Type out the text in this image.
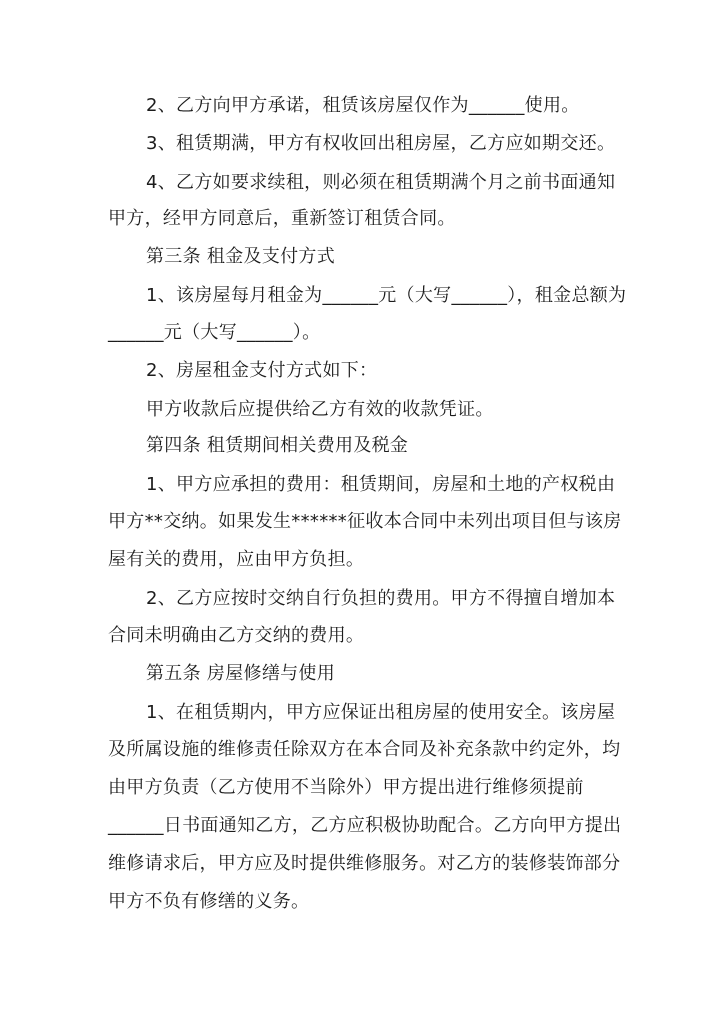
2、乙方向甲方承诺，租赁该房屋仅作为______使用。
3、租赁期满，甲方有权收回出租房屋，乙方应如期交还。
4、乙方如要求续租，则必须在租赁期满个月之前书面通知
甲方，经甲方同意后，重新签订租赁合同。
第三条 租金及支付方式
1、该房屋每月租金为______元（大写______），租金总额为
______元（大写______）。
2、房屋租金支付方式如下：
甲方收款后应提供给乙方有效的收款凭证。
第四条 租赁期间相关费用及税金
1、甲方应承担的费用：租赁期间，房屋和土地的产权税由
甲方**交纳。如果发生******征收本合同中未列出项目但与该房
屋有关的费用，应由甲方负担。
2、乙方应按时交纳自行负担的费用。甲方不得擅自增加本
合同未明确由乙方交纳的费用。
第五条 房屋修缮与使用
1、在租赁期内，甲方应保证出租房屋的使用安全。该房屋
及所属设施的维修责任除双方在本合同及补充条款中约定外，均
由甲方负责（乙方使用不当除外）甲方提出进行维修须提前
______日书面通知乙方，乙方应积极协助配合。乙方向甲方提出
维修请求后，甲方应及时提供维修服务。对乙方的装修装饰部分
甲方不负有修缮的义务。
